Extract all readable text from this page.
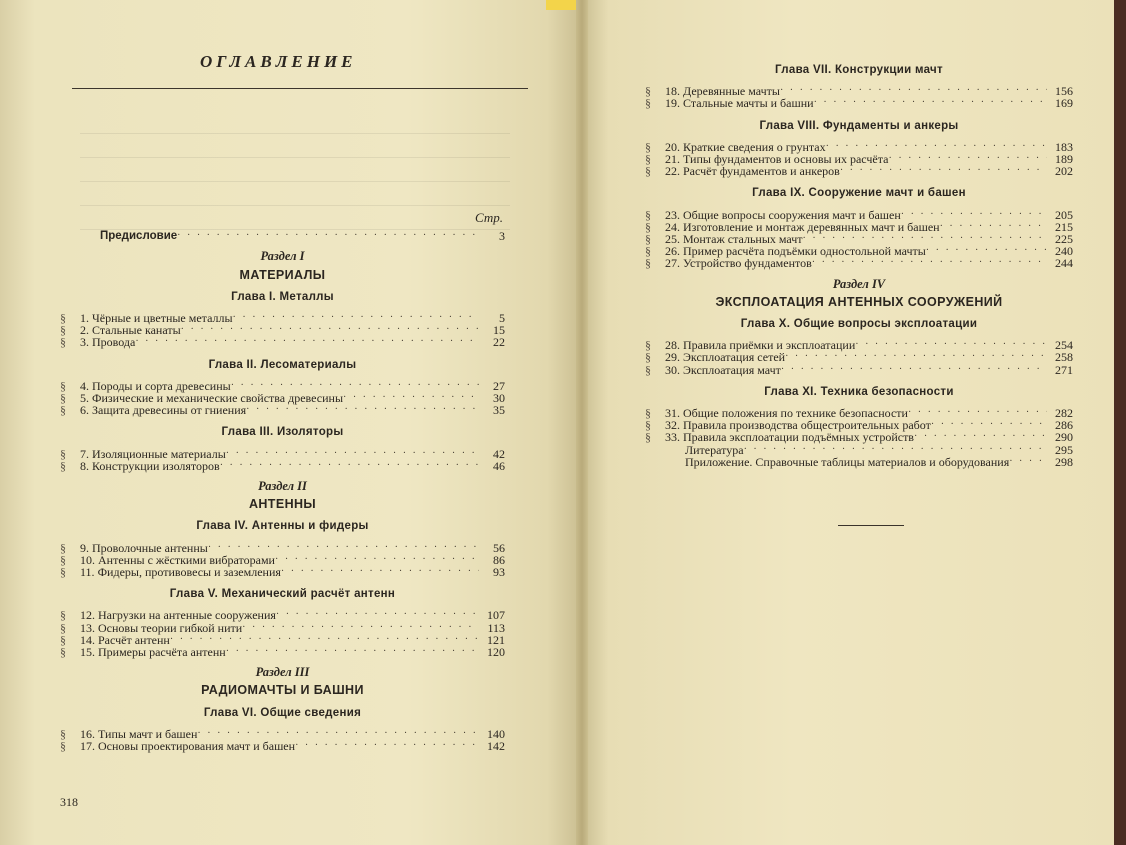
ОГЛАВЛЕНИЕ
Стр.
Предисловие · · ·	3
Раздел I
МАТЕРИАЛЫ
Глава I. Металлы
§	1. Чёрные и цветные металлы · · ·	5
§	2. Стальные канаты · · ·	15
§	3. Провода · · ·	22
Глава II. Лесоматериалы
§	4. Породы и сорта древесины · · ·	27
§	5. Физические и механические свойства древесины · · ·	30
§	6. Защита древесины от гниения · · ·	35
Глава III. Изоляторы
§	7. Изоляционные материалы · · ·	42
§	8. Конструкции изоляторов · · ·	46
Раздел II
АНТЕННЫ
Глава IV. Антенны и фидеры
§	9. Проволочные антенны · · ·	56
§	10. Антенны с жёсткими вибраторами · · ·	86
§	11. Фидеры, противовесы и заземления · · ·	93
Глава V. Механический расчёт антенн
§	12. Нагрузки на антенные сооружения · · ·	107
§	13. Основы теории гибкой нити · · ·	113
§	14. Расчёт антенн · · ·	121
§	15. Примеры расчёта антенн · · ·	120
Раздел III
РАДИОМАЧТЫ И БАШНИ
Глава VI. Общие сведения
§	16. Типы мачт и башен · · ·	140
§	17. Основы проектирования мачт и башен · · ·	142
Глава VII. Конструкции мачт
§	18. Деревянные мачты · · ·	156
§	19. Стальные мачты и башни · · ·	169
Глава VIII. Фундаменты и анкеры
§	20. Краткие сведения о грунтах · · ·	183
§	21. Типы фундаментов и основы их расчёта · · ·	189
§	22. Расчёт фундаментов и анкеров · · ·	202
Глава IX. Сооружение мачт и башен
§	23. Общие вопросы сооружения мачт и башен · · ·	205
§	24. Изготовление и монтаж деревянных мачт и башен · · ·	215
§	25. Монтаж стальных мачт · · ·	225
§	26. Пример расчёта подъёмки одностольной мачты · · ·	240
§	27. Устройство фундаментов · · ·	244
Раздел IV
ЭКСПЛОАТАЦИЯ АНТЕННЫХ СООРУЖЕНИЙ
Глава X. Общие вопросы эксплоатации
§	28. Правила приёмки и эксплоатации · · ·	254
§	29. Эксплоатация сетей · · ·	258
§	30. Эксплоатация мачт · · ·	271
Глава XI. Техника безопасности
§	31. Общие положения по технике безопасности · · ·	282
§	32. Правила производства общестроительных работ · · ·	286
§	33. Правила эксплоатации подъёмных устройств · · ·	290
Литература · · ·	295
Приложение. Справочные таблицы материалов и оборудования · · ·	298
318
